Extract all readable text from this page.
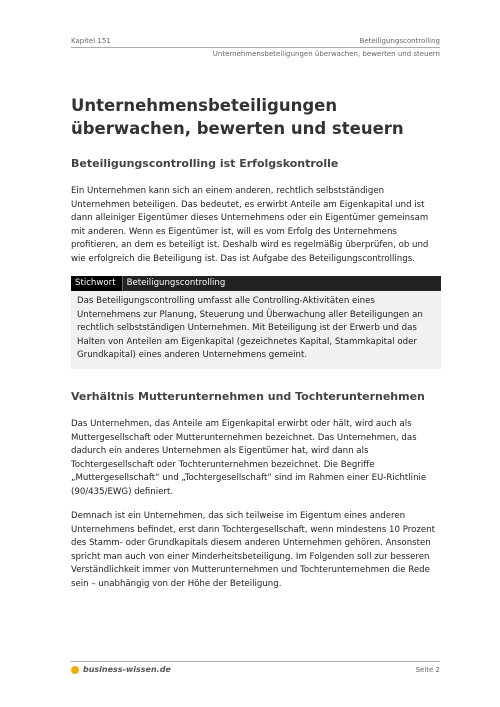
Kapitel 151	Beteiligungscontrolling
Unternehmensbeteiligungen überwachen, bewerten und steuern
Unternehmensbeteiligungen überwachen, bewerten und steuern
Beteiligungscontrolling ist Erfolgskontrolle
Ein Unternehmen kann sich an einem anderen, rechtlich selbstständigen Unternehmen beteiligen. Das bedeutet, es erwirbt Anteile am Eigenkapital und ist dann alleiniger Eigentümer dieses Unternehmens oder ein Eigentümer gemeinsam mit anderen. Wenn es Eigentümer ist, will es vom Erfolg des Unternehmens profitieren, an dem es beteiligt ist. Deshalb wird es regelmäßig überprüfen, ob und wie erfolgreich die Beteiligung ist. Das ist Aufgabe des Beteiligungscontrollings.
Stichwort	Beteiligungscontrolling
Das Beteiligungscontrolling umfasst alle Controlling-Aktivitäten eines Unternehmens zur Planung, Steuerung und Überwachung aller Beteiligungen an rechtlich selbstständigen Unternehmen. Mit Beteiligung ist der Erwerb und das Halten von Anteilen am Eigenkapital (gezeichnetes Kapital, Stammkapital oder Grundkapital) eines anderen Unternehmens gemeint.
Verhältnis Mutterunternehmen und Tochterunternehmen
Das Unternehmen, das Anteile am Eigenkapital erwirbt oder hält, wird auch als Muttergesellschaft oder Mutterunternehmen bezeichnet. Das Unternehmen, das dadurch ein anderes Unternehmen als Eigentümer hat, wird dann als Tochtergesellschaft oder Tochterunternehmen bezeichnet. Die Begriffe „Muttergesellschaft“ und „Tochtergesellschaft“ sind im Rahmen einer EU-Richtlinie (90/435/EWG) definiert.
Demnach ist ein Unternehmen, das sich teilweise im Eigentum eines anderen Unternehmens befindet, erst dann Tochtergesellschaft, wenn mindestens 10 Prozent des Stamm- oder Grundkapitals diesem anderen Unternehmen gehören. Ansonsten spricht man auch von einer Minderheitsbeteiligung. Im Folgenden soll zur besseren Verständlichkeit immer von Mutterunternehmen und Tochterunternehmen die Rede sein – unabhängig von der Höhe der Beteiligung.
business-wissen.de	Seite 2
